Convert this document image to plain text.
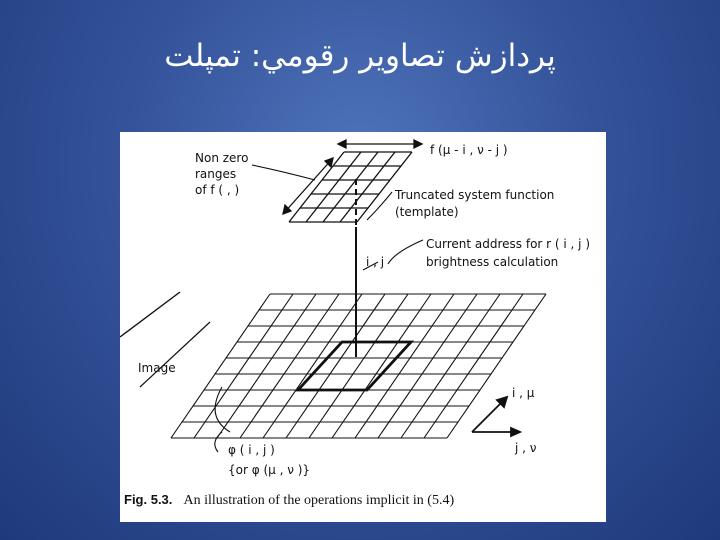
پردازش تصاوير رقومي: تمپلت
f (μ - i , ν - j )
Non zero
ranges
of f ( , )	Truncated system function
(template)
Current address for r ( i , j )
brightness calculation
i , j
Image
i , μ
j , ν
φ ( i , j )
{or φ (μ , ν )}
Fig. 5.3. An illustration of the operations implicit in (5.4)
